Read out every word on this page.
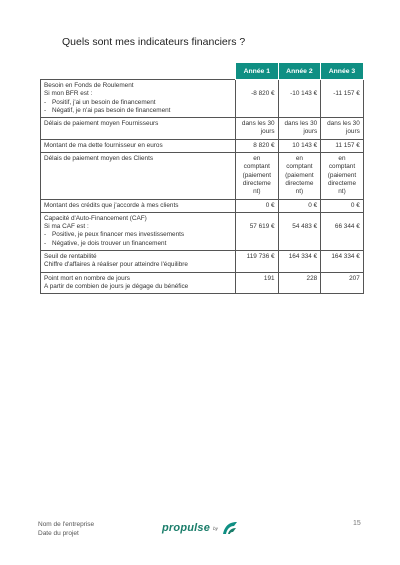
Quels sont mes indicateurs financiers ?
	Année 1	Année 2	Année 3

Besoin en Fonds de Roulement
Si mon BFR est :
- Positif, j'ai un besoin de financement
- Négatif, je n'ai pas besoin de financement	-8 820 €	-10 143 €	-11 157 €

Délais de paiement moyen Fournisseurs	dans les 30 jours	dans les 30 jours	dans les 30 jours

Montant de ma dette fournisseur en euros	8 820 €	10 143 €	11 157 €

Délais de paiement moyen des Clients	en comptant (paiement directement)	en comptant (paiement directement)	en comptant (paiement directement)

Montant des crédits que j'accorde à mes clients	0 €	0 €	0 €

Capacité d'Auto-Financement (CAF)
Si ma CAF est :
- Positive, je peux financer mes investissements
- Négative, je dois trouver un financement	57 619 €	54 483 €	66 344 €

Seuil de rentabilité
Chiffre d'affaires à réaliser pour atteindre l'équilibre	119 736 €	164 334 €	164 334 €

Point mort en nombre de jours
A partir de combien de jours je dégage du bénéfice	191	228	207
Nom de l'entreprise
Date du projet	propulse by
15
